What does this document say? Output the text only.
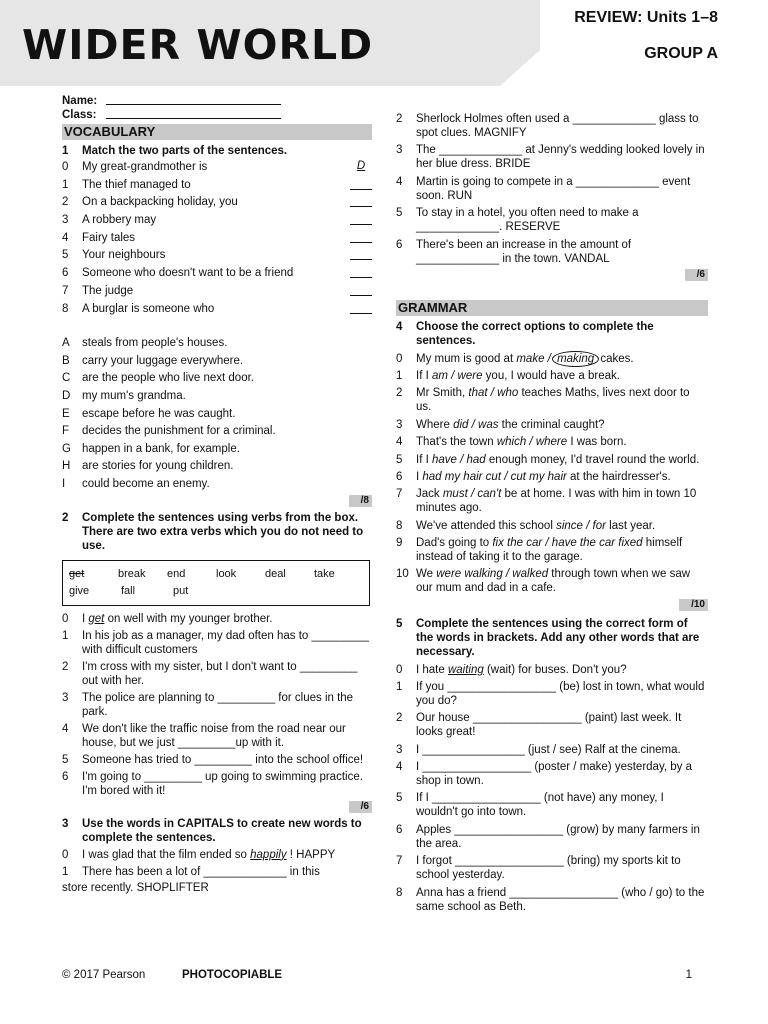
WIDER WORLD
REVIEW: Units 1–8
GROUP A
Name:
Class:
VOCABULARY
1	Match the two parts of the sentences.
0	My great-grandmother is	D
1	The thief managed to
2	On a backpacking holiday, you
3	A robbery may
4	Fairy tales
5	Your neighbours
6	Someone who doesn't want to be a friend
7	The judge
8	A burglar is someone who
A	steals from people's houses.
B	carry your luggage everywhere.
C	are the people who live next door.
D	my mum's grandma.
E	escape before he was caught.
F	decides the punishment for a criminal.
G happen in a bank, for example.
H	are stories for young children.
I	could become an enemy.
/8
2	Complete the sentences using verbs from the box. There are two extra verbs which you do not need to use.
get	break	end	look	deal	take
give	fall	put
0	I get on well with my younger brother.
1	In his job as a manager, my dad often has to _________ with difficult customers
2	I'm cross with my sister, but I don't want to _________ out with her.
3	The police are planning to _________ for clues in the park.
4	We don't like the traffic noise from the road near our house, but we just _________up with it.
5	Someone has tried to _________ into the school office!
6	I'm going to _________ up going to swimming practice. I'm bored with it!
/6
3	Use the words in CAPITALS to create new words to complete the sentences.
0	I was glad that the film ended so happily ! HAPPY
1	There has been a lot of _____________ in this
store recently. SHOPLIFTER
2	Sherlock Holmes often used a _____________ glass to spot clues. MAGNIFY
3	The _____________ at Jenny's wedding looked lovely in her blue dress. BRIDE
4	Martin is going to compete in a _____________ event soon. RUN
5	To stay in a hotel, you often need to make a _____________. RESERVE
6	There's been an increase in the amount of _____________ in the town. VANDAL
/6
GRAMMAR
4	Choose the correct options to complete the sentences.
0	My mum is good at make / making cakes.
1	If I am / were you, I would have a break.
2	Mr Smith, that / who teaches Maths, lives next door to us.
3	Where did / was the criminal caught?
4	That's the town which / where I was born.
5	If I have / had enough money, I'd travel round the world.
6	I had my hair cut / cut my hair at the hairdresser's.
7	Jack must / can't be at home. I was with him in town 10 minutes ago.
8	We've attended this school since / for last year.
9	Dad's going to fix the car / have the car fixed himself instead of taking it to the garage.
10 We were walking / walked through town when we saw our mum and dad in a cafe.
/10
5	Complete the sentences using the correct form of the words in brackets. Add any other words that are necessary.
0	I hate waiting (wait) for buses. Don't you?
1	If you _________________ (be) lost in town, what would you do?
2	Our house _________________ (paint) last week. It looks great!
3	I ________________ (just / see) Ralf at the cinema.
4	I _________________ (poster / make) yesterday, by a shop in town.
5	If I _________________ (not have) any money, I wouldn't go into town.
6	Apples _________________ (grow) by many farmers in the area.
7	I forgot _________________ (bring) my sports kit to school yesterday.
8	Anna has a friend _________________ (who / go) to the same school as Beth.
© 2017 Pearson	PHOTOCOPIABLE	1
